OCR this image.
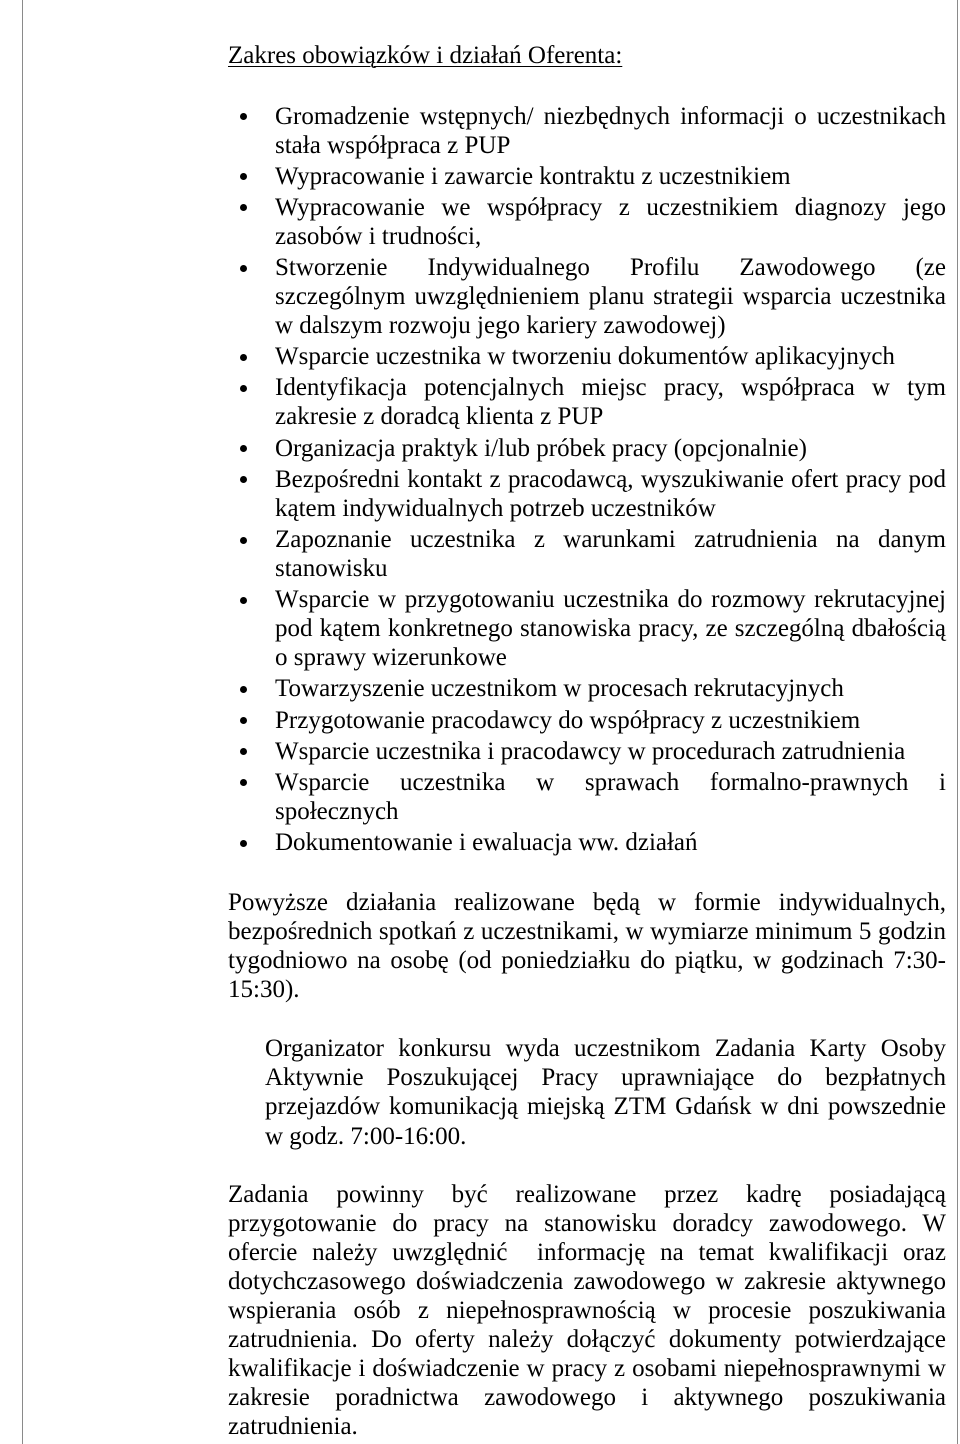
Zakres obowiązków i działań Oferenta:
Gromadzenie wstępnych/ niezbędnych informacji o uczestnikach
stała współpraca z PUP
Wypracowanie i zawarcie kontraktu z uczestnikiem
Wypracowanie we współpracy z uczestnikiem diagnozy jego
zasobów i trudności,
Stworzenie Indywidualnego Profilu Zawodowego (ze
szczególnym uwzględnieniem planu strategii wsparcia uczestnika
w dalszym rozwoju jego kariery zawodowej)
Wsparcie uczestnika w tworzeniu dokumentów aplikacyjnych
Identyfikacja potencjalnych miejsc pracy, współpraca w tym
zakresie z doradcą klienta z PUP
Organizacja praktyk i/lub próbek pracy (opcjonalnie)
Bezpośredni kontakt z pracodawcą, wyszukiwanie ofert pracy pod
kątem indywidualnych potrzeb uczestników
Zapoznanie uczestnika z warunkami zatrudnienia na danym
stanowisku
Wsparcie w przygotowaniu uczestnika do rozmowy rekrutacyjnej
pod kątem konkretnego stanowiska pracy, ze szczególną dbałością
o sprawy wizerunkowe
Towarzyszenie uczestnikom w procesach rekrutacyjnych
Przygotowanie pracodawcy do współpracy z uczestnikiem
Wsparcie uczestnika i pracodawcy w procedurach zatrudnienia
Wsparcie uczestnika w sprawach formalno-prawnych i
społecznych
Dokumentowanie i ewaluacja ww. działań
Powyższe działania realizowane będą w formie indywidualnych,
bezpośrednich spotkań z uczestnikami, w wymiarze minimum 5 godzin
tygodniowo na osobę (od poniedziałku do piątku, w godzinach 7:30-
15:30).
Organizator konkursu wyda uczestnikom Zadania Karty Osoby
Aktywnie Poszukującej Pracy uprawniające do bezpłatnych
przejazdów komunikacją miejską ZTM Gdańsk w dni powszednie
w godz. 7:00-16:00.
Zadania powinny być realizowane przez kadrę posiadającą
przygotowanie do pracy na stanowisku doradcy zawodowego. W
ofercie należy uwzględnić  informację na temat kwalifikacji oraz
dotychczasowego doświadczenia zawodowego w zakresie aktywnego
wspierania osób z niepełnosprawnością w procesie poszukiwania
zatrudnienia. Do oferty należy dołączyć dokumenty potwierdzające
kwalifikacje i doświadczenie w pracy z osobami niepełnosprawnymi w
zakresie poradnictwa zawodowego i aktywnego poszukiwania
zatrudnienia.
